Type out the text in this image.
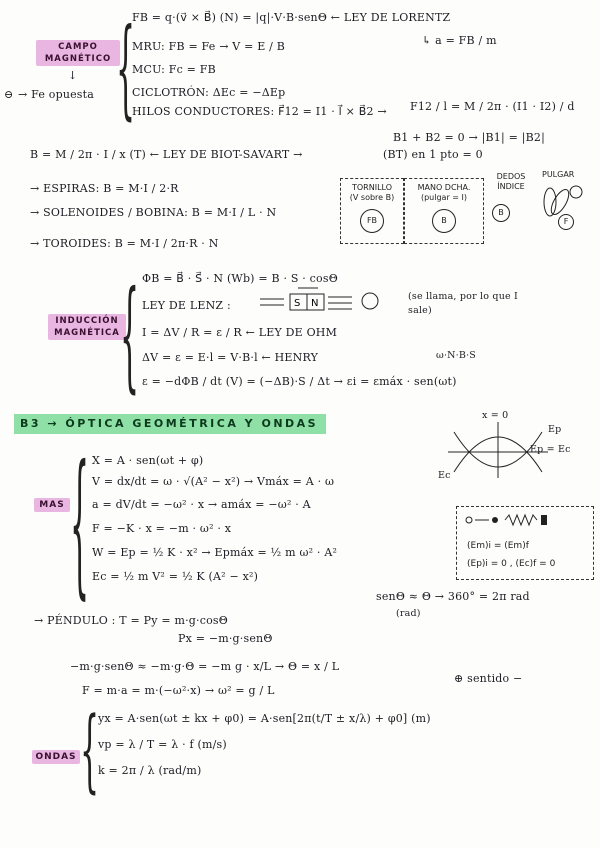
CAMPO MAGNÉTICO
↓
⊖ → Fe opuesta {
FB = q·(v⃗ × B⃗) (N) = |q|·V·B·senΘ ← LEY DE LORENTZ
↳ a = FB / m
MRU: FB = Fe → V = E / B
MCU: Fc = FB
CICLOTRÓN: ΔEc = −ΔEp
HILOS CONDUCTORES: F⃗12 = I1 · l⃗ × B⃗2 → F12 / l = M / 2π · (I1 · I2) / d
B = M / 2π · I / x (T) ← LEY DE BIOT-SAVART →
B1 + B2 = 0 → |B1| = |B2|
(BT) en 1 pto = 0
→ ESPIRAS: B = M·I / 2·R
→ SOLENOIDES / BOBINA: B = M·I / L · N
→ TOROIDES: B = M·I / 2π·R · N
TORNILLO
(V sobre B)
FB
MANO DCHA.
(pulgar = I)
B
DEDOS ÍNDICE
PULGAR
B
F
INDUCCIÓN MAGNÉTICA { ΦB = B⃗ · S⃗ · N (Wb) = B · S · cosΘ
LEY DE LENZ :	S N
(se llama, por lo que I sale)
I = ΔV / R = ε / R ← LEY DE OHM
ΔV = ε = E·l = V·B·l ← HENRY	ω·N·B·S
ε = −dΦB / dt (V) = (−ΔB)·S / Δt → εi = εmáx · sen(ωt)
B3 → ÓPTICA GEOMÉTRICA Y ONDAS
MAS { X = A · sen(ωt + φ)
V = dx/dt = ω · √(A² − x²) → Vmáx = A · ω
a = dV/dt = −ω² · x → amáx = −ω² · A
F = −K · x = −m · ω² · x
W = Ep = ½ K · x² → Epmáx = ½ m ω² · A²
Ec = ½ m V² = ½ K (A² − x²)
x = 0
Ep
Ep = Ec
Ec
(Em)i = (Em)f
(Ep)i = 0 , (Ec)f = 0
→ PÉNDULO : T = Py = m·g·cosΘ
Px = −m·g·senΘ
senΘ ≈ Θ → 360° = 2π rad
(rad)
−m·g·senΘ ≈ −m·g·Θ = −m g · x/L → Θ = x / L
F = m·a = m·(−ω²·x) → ω² = g / L
⊕ sentido −
ONDAS {
yx = A·sen(ωt ± kx + φ0) = A·sen[2π(t/T ± x/λ) + φ0] (m)
vp = λ / T = λ · f (m/s)
k = 2π / λ (rad/m)
